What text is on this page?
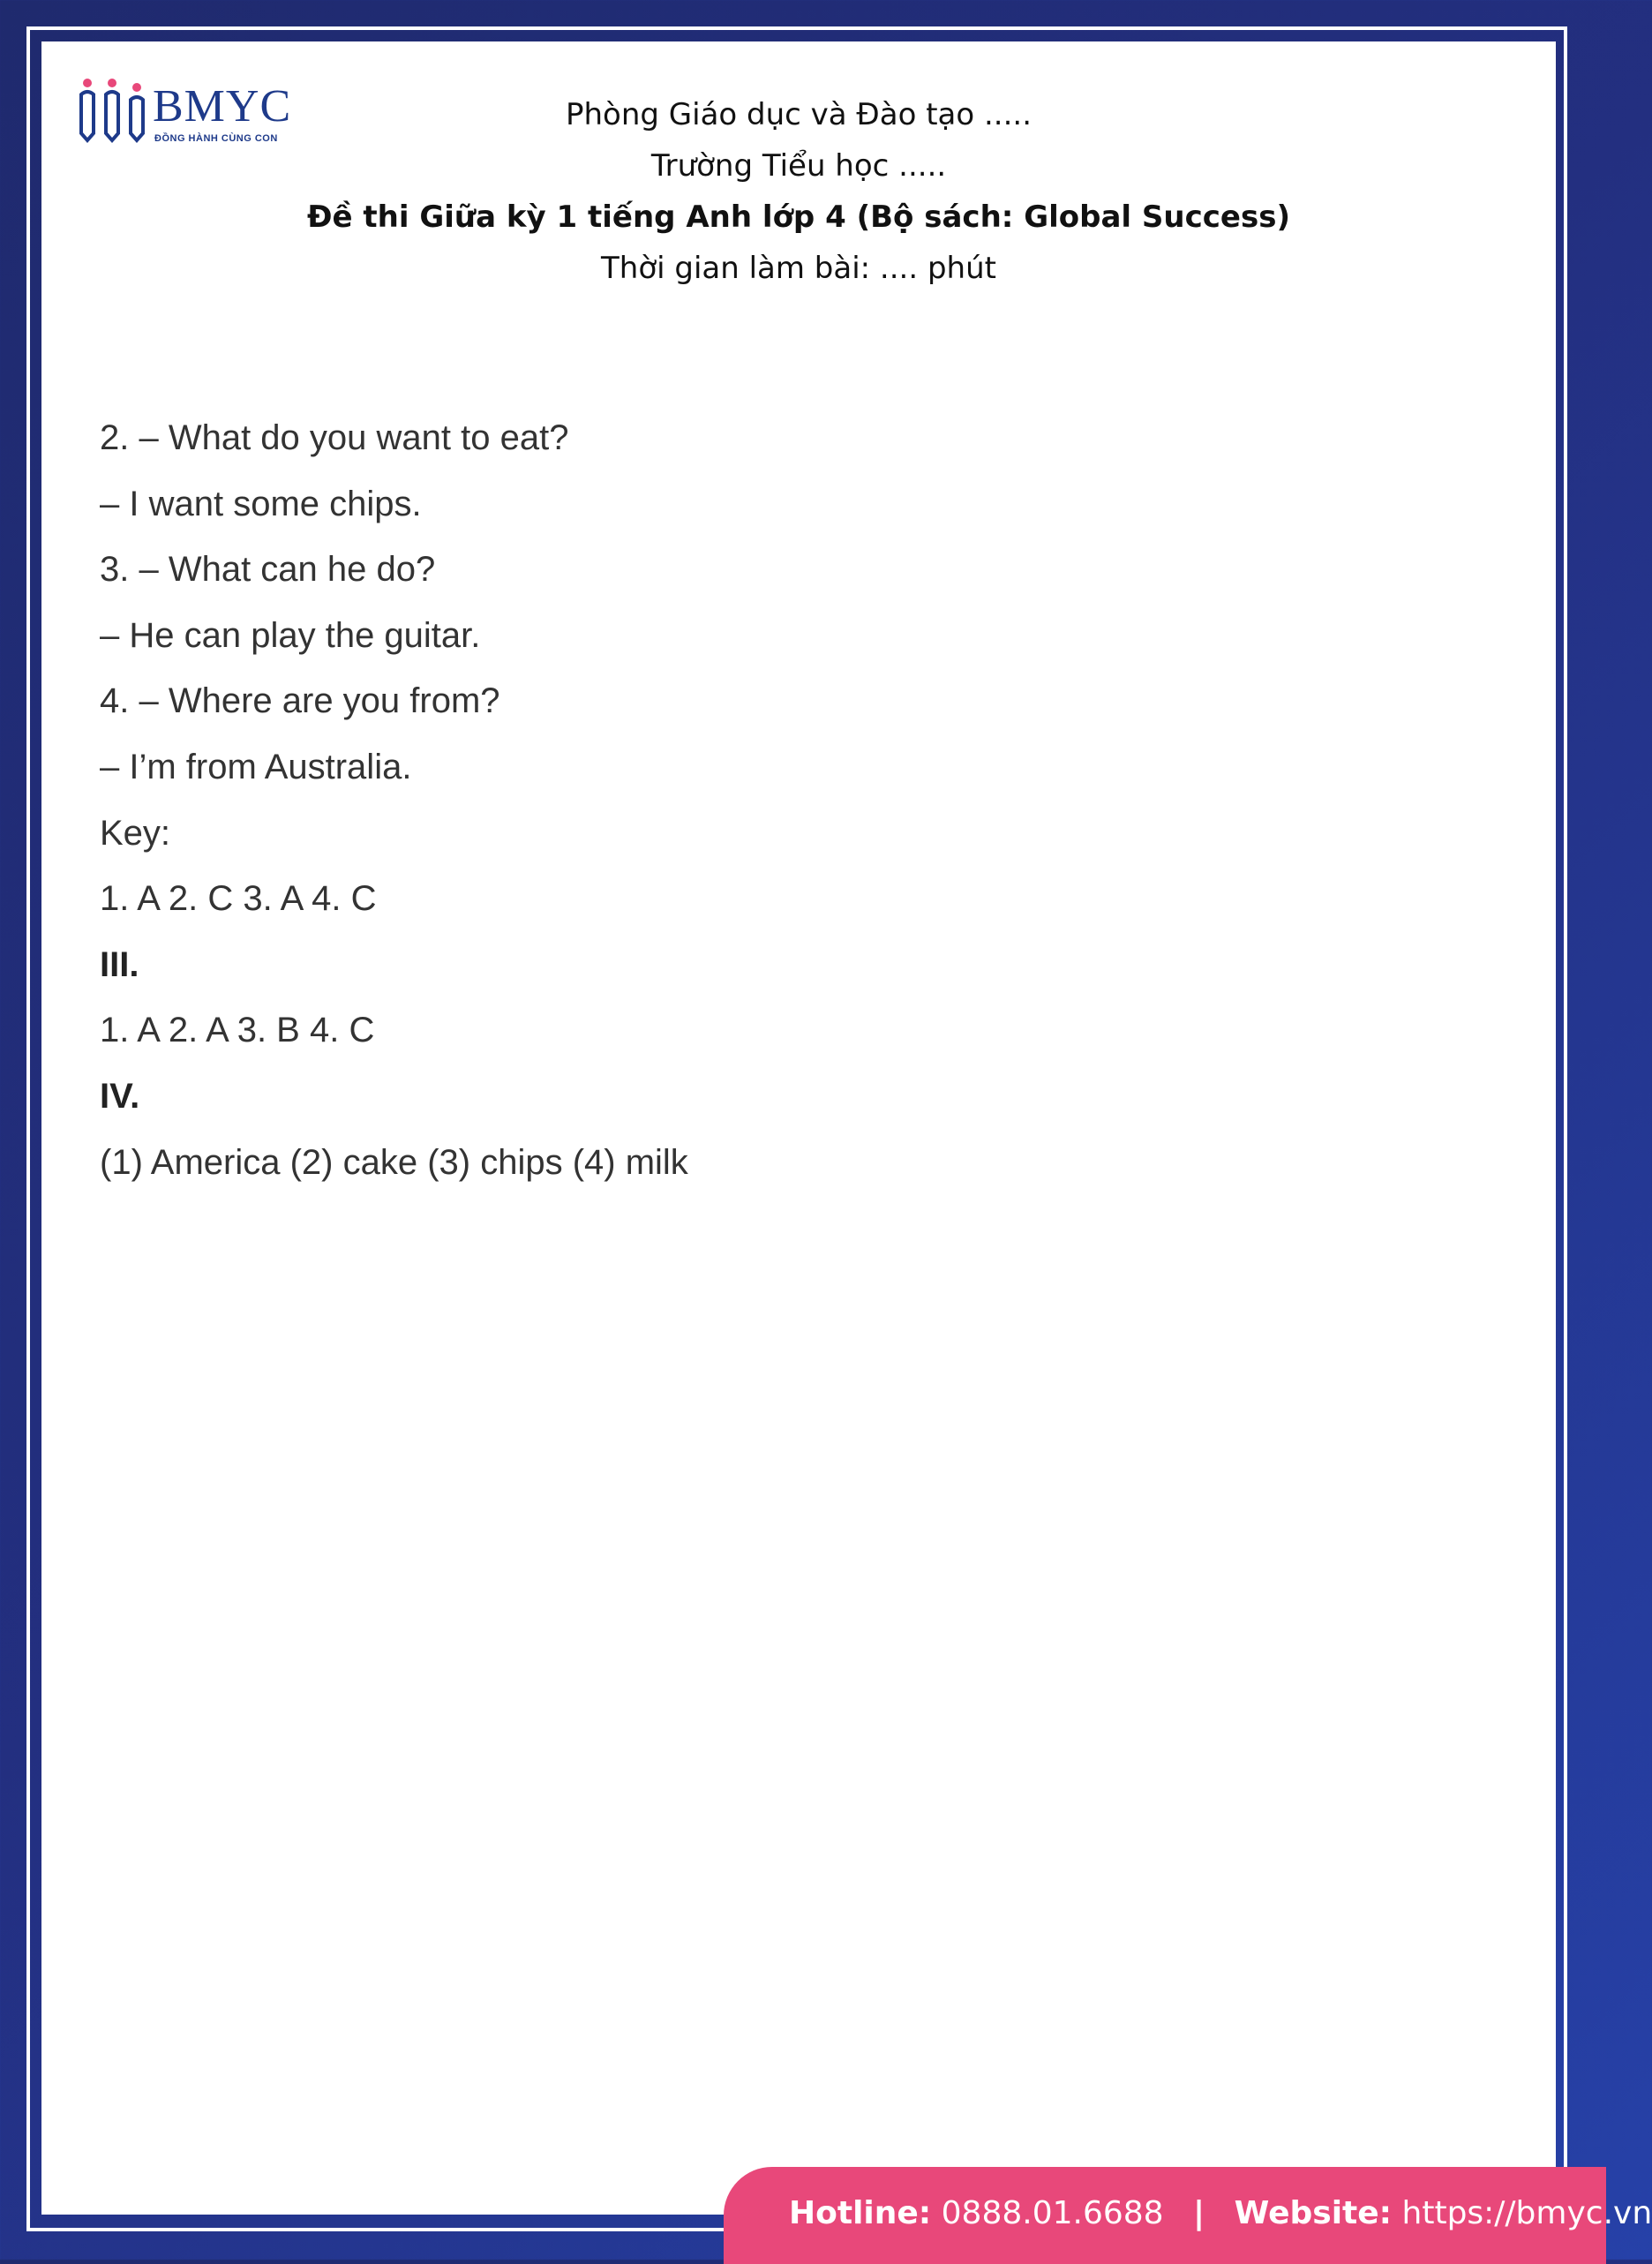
BMYC
ĐỒNG HÀNH CÙNG CON
Phòng Giáo dục và Đào tạo .....
Trường Tiểu học .....
Đề thi Giữa kỳ 1 tiếng Anh lớp 4 (Bộ sách: Global Success)
Thời gian làm bài: .... phút
2. – What do you want to eat?
– I want some chips.
3. – What can he do?
– He can play the guitar.
4. – Where are you from?
– I’m from Australia.
Key:
1. A 2. C 3. A 4. C
III.
1. A 2. A 3. B 4. C
IV.
(1) America (2) cake (3) chips (4) milk
Hotline: 0888.01.6688 | Website: https://bmyc.vn
